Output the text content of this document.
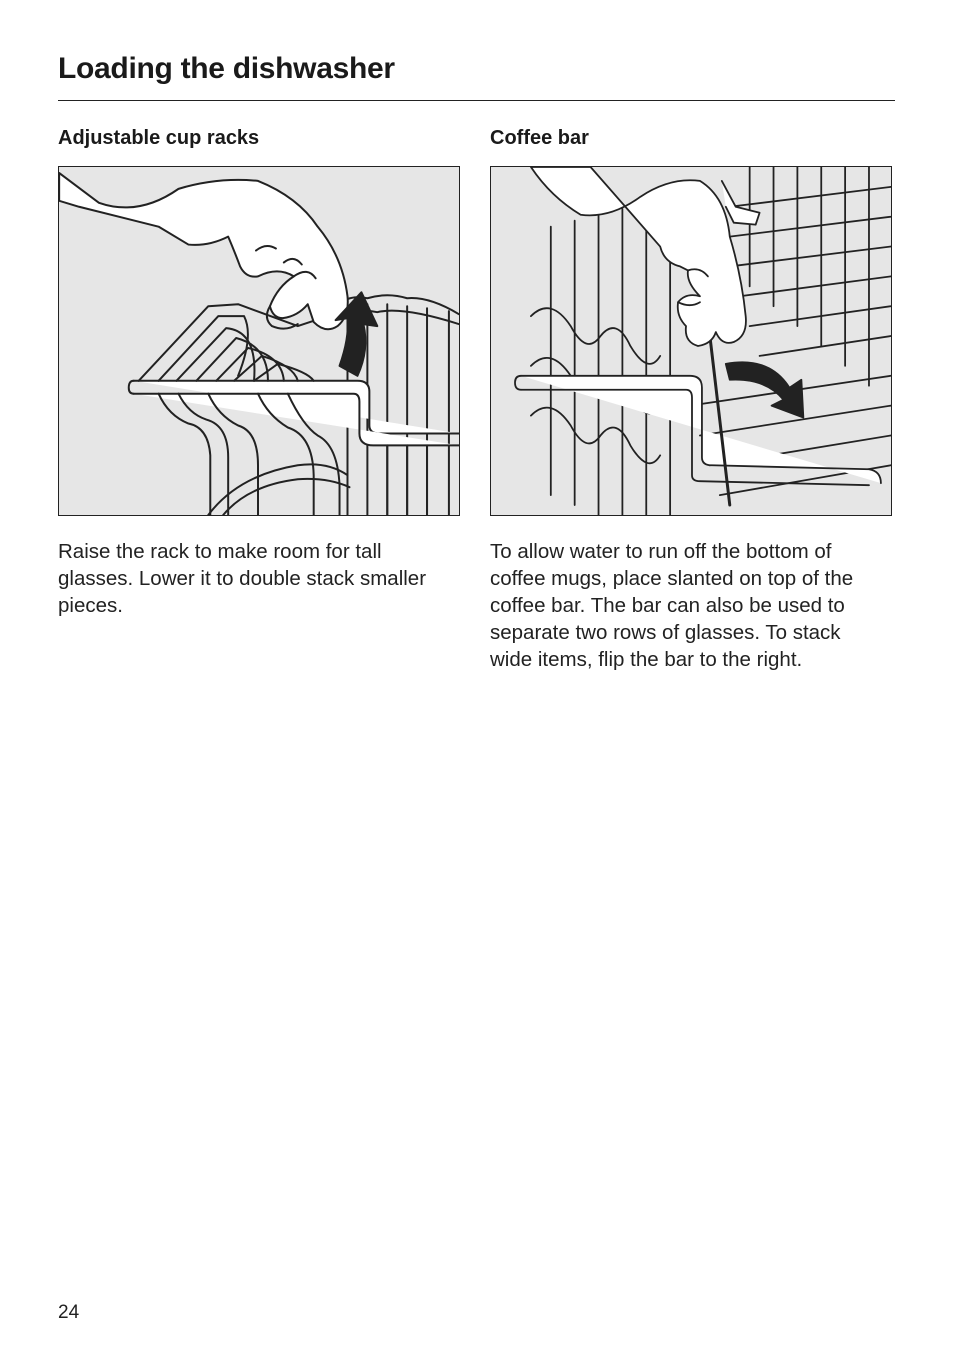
Loading the dishwasher
Adjustable cup racks

Raise the rack to make room for tall glasses. Lower it to double stack smaller pieces.

Coffee bar

To allow water to run off the bottom of coffee mugs, place slanted on top of the coffee bar. The bar can also be used to separate two rows of glasses. To stack wide items, flip the bar to the right.

24
